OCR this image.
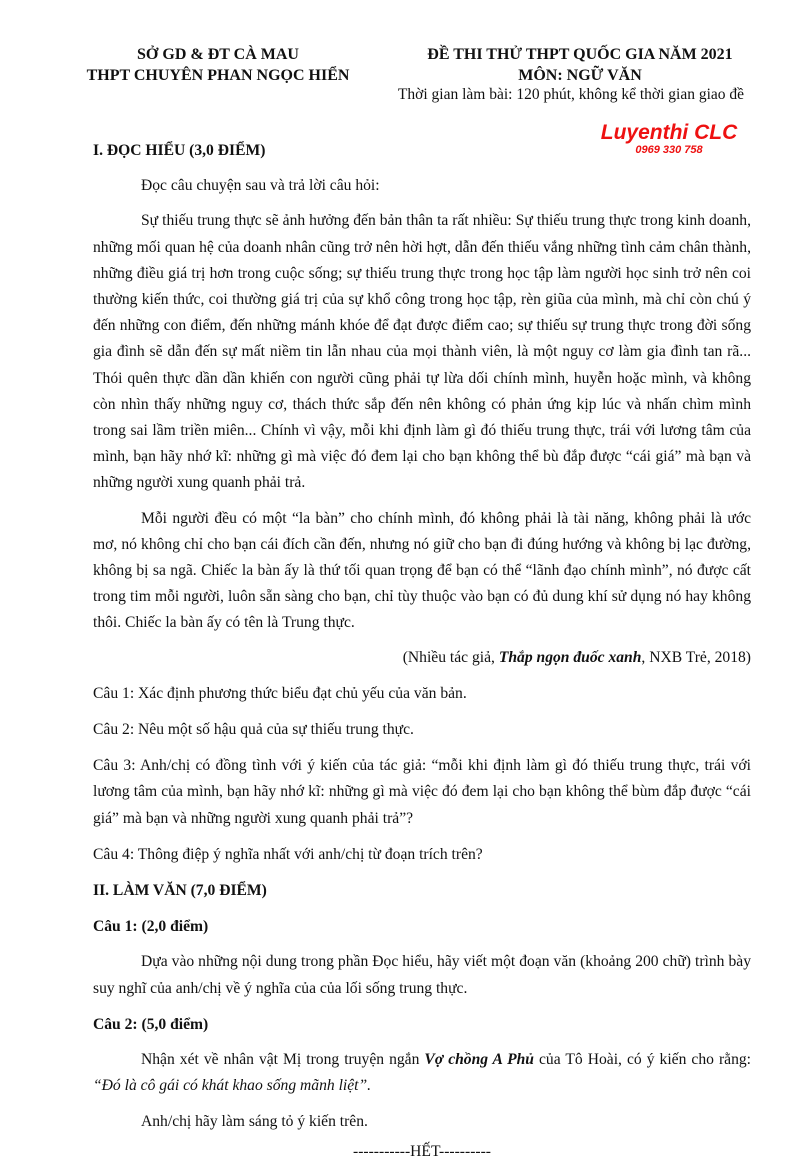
SỞ GD & ĐT CÀ MAU
THPT CHUYÊN PHAN NGỌC HIỂN
ĐỀ THI THỬ THPT QUỐC GIA NĂM 2021
MÔN: NGỮ VĂN
Thời gian làm bài: 120 phút, không kể thời gian giao đề
Luyenthi CLC
0969 330 758

I. ĐỌC HIỂU (3,0 ĐIỂM)

Đọc câu chuyện sau và trả lời câu hỏi:

Sự thiếu trung thực sẽ ảnh hưởng đến bản thân ta rất nhiều: Sự thiếu trung thực trong kinh doanh, những mối quan hệ của doanh nhân cũng trở nên hời hợt, dẫn đến thiếu vắng những tình cảm chân thành, những điều giá trị hơn trong cuộc sống; sự thiếu trung thực trong học tập làm người học sinh trở nên coi thường kiến thức, coi thường giá trị của sự khổ công trong học tập, rèn giũa của mình, mà chỉ còn chú ý đến những con điểm, đến những mánh khóe để đạt được điểm cao; sự thiếu sự trung thực trong đời sống gia đình sẽ dẫn đến sự mất niềm tin lẫn nhau của mọi thành viên, là một nguy cơ làm gia đình tan rã... Thói quên thực dần dần khiến con người cũng phải tự lừa dối chính mình, huyễn hoặc mình, và không còn nhìn thấy những nguy cơ, thách thức sắp đến nên không có phản ứng kịp lúc và nhấn chìm mình trong sai lầm triền miên... Chính vì vậy, mỗi khi định làm gì đó thiếu trung thực, trái với lương tâm của mình, bạn hãy nhớ kĩ: những gì mà việc đó đem lại cho bạn không thể bù đắp được “cái giá” mà bạn và những người xung quanh phải trả.

Mỗi người đều có một “la bàn” cho chính mình, đó không phải là tài năng, không phải là ước mơ, nó không chỉ cho bạn cái đích cần đến, nhưng nó giữ cho bạn đi đúng hướng và không bị lạc đường, không bị sa ngã. Chiếc la bàn ấy là thứ tối quan trọng để bạn có thể “lãnh đạo chính mình”, nó được cất trong tim mỗi người, luôn sẵn sàng cho bạn, chỉ tùy thuộc vào bạn có đủ dung khí sử dụng nó hay không thôi. Chiếc la bàn ấy có tên là Trung thực.

(Nhiều tác giả, Thắp ngọn đuốc xanh, NXB Trẻ, 2018)

Câu 1: Xác định phương thức biểu đạt chủ yếu của văn bản.

Câu 2: Nêu một số hậu quả của sự thiếu trung thực.

Câu 3: Anh/chị có đồng tình với ý kiến của tác giả: “mỗi khi định làm gì đó thiếu trung thực, trái với lương tâm của mình, bạn hãy nhớ kĩ: những gì mà việc đó đem lại cho bạn không thể bùm đắp được “cái giá” mà bạn và những người xung quanh phải trả”?

Câu 4: Thông điệp ý nghĩa nhất với anh/chị từ đoạn trích trên?

II. LÀM VĂN (7,0 ĐIỂM)

Câu 1: (2,0 điểm)

Dựa vào những nội dung trong phần Đọc hiểu, hãy viết một đoạn văn (khoảng 200 chữ) trình bày suy nghĩ của anh/chị về ý nghĩa của của lối sống trung thực.

Câu 2: (5,0 điểm)

Nhận xét về nhân vật Mị trong truyện ngắn Vợ chồng A Phủ của Tô Hoài, có ý kiến cho rằng: “Đó là cô gái có khát khao sống mãnh liệt”.

Anh/chị hãy làm sáng tỏ ý kiến trên.

-----------HẾT----------
